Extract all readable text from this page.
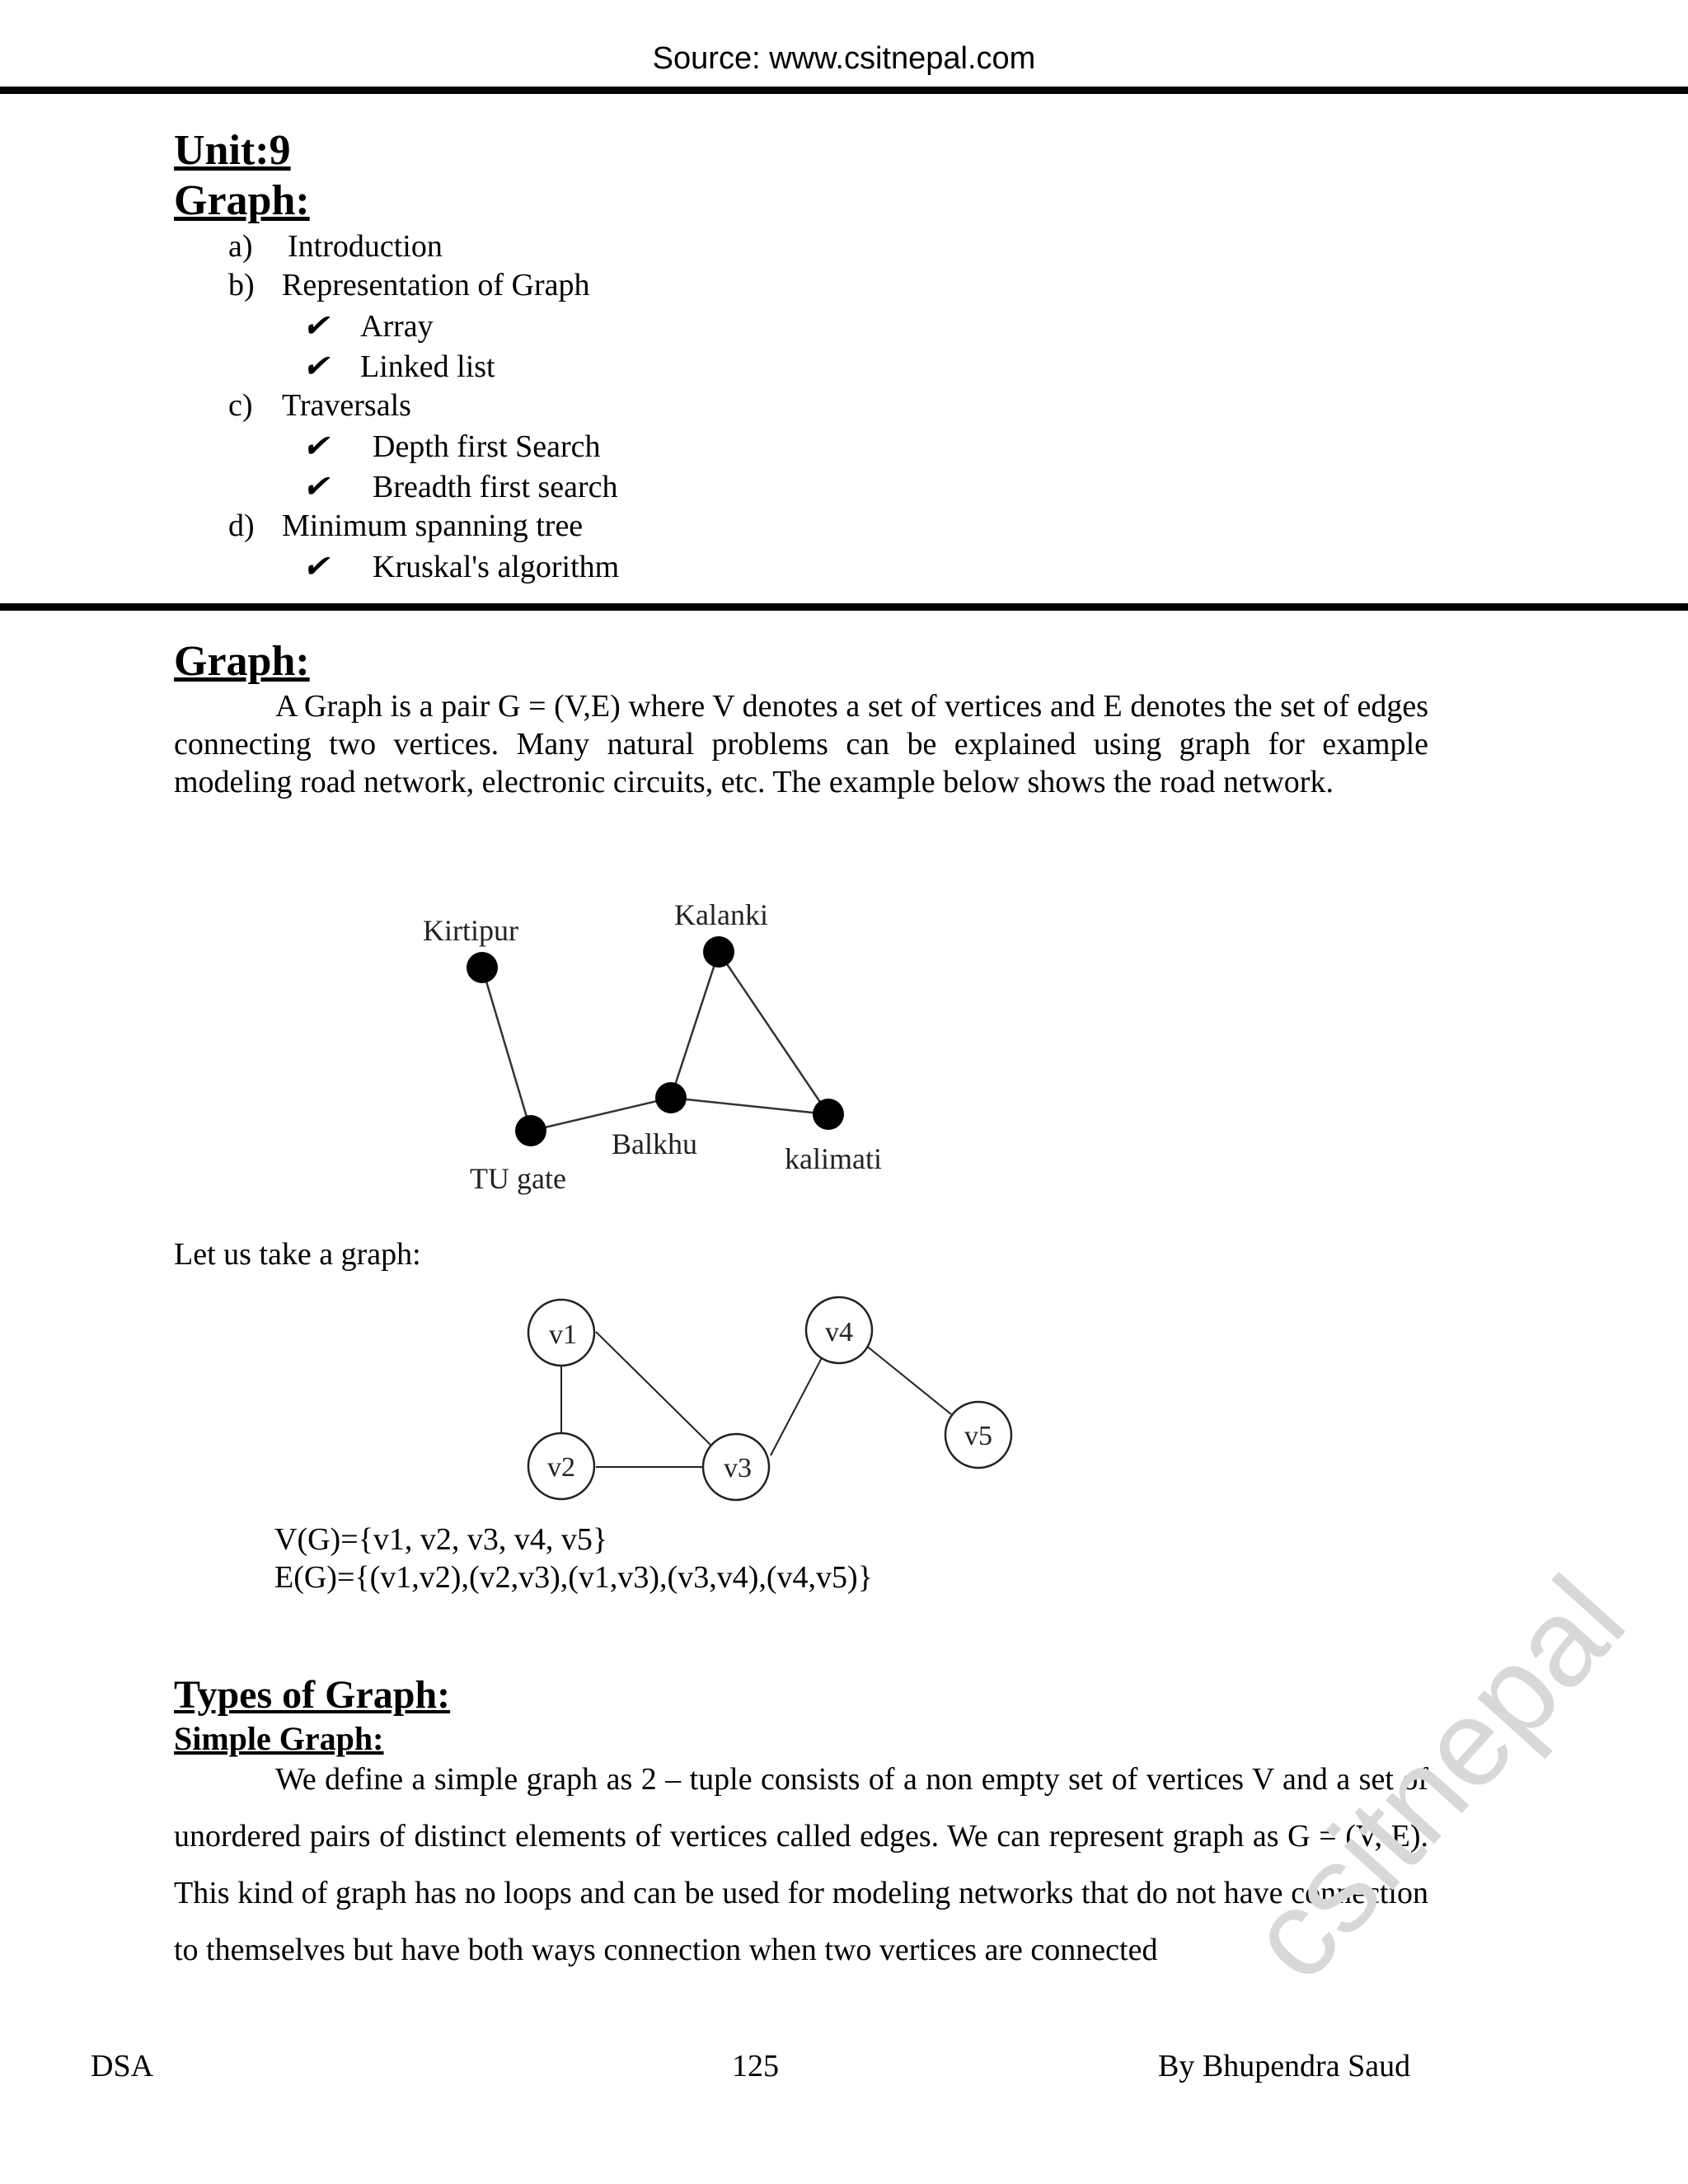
Source: www.csitnepal.com
Unit:9
Graph:
a) Introduction
b) Representation of Graph
✔ Array
✔ Linked list
c) Traversals
✔ Depth first Search
✔ Breadth first search
d) Minimum spanning tree
✔ Kruskal's algorithm
Graph:

A Graph is a pair G = (V,E) where V denotes a set of vertices and E denotes the set of edges connecting two vertices. Many natural problems can be explained using graph for example modeling road network, electronic circuits, etc. The example below shows the road network.

Kirtipur	Kalanki
TU gate
Balkhu	kalimati
Let us take a graph:
v1
v2	v3
v4
v5
V(G)={v1, v2, v3, v4, v5}
E(G)={(v1,v2),(v2,v3),(v1,v3),(v3,v4),(v4,v5)}
Types of Graph:
Simple Graph:

We define a simple graph as 2 – tuple consists of a non empty set of vertices V and a set of unordered pairs of distinct elements of vertices called edges. We can represent graph as G = (V, E). This kind of graph has no loops and can be used for modeling networks that do not have connection to themselves but have both ways connection when two vertices are connected

DSA	125	By Bhupendra Saud
csitnepal
